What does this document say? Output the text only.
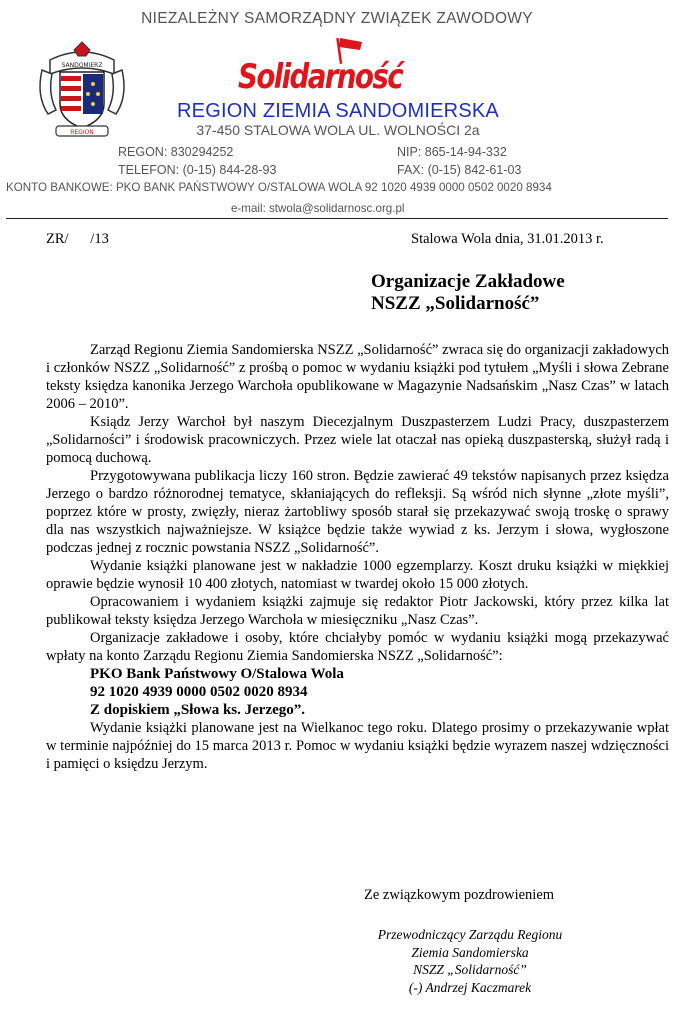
NIEZALEŻNY SAMORZĄDNY ZWIĄZEK ZAWODOWY
REGION
SANDOMIERZ	Solidarność
REGION ZIEMIA SANDOMIERSKA
37-450 STALOWA WOLA UL. WOLNOŚCI 2a
REGON: 830294252	NIP: 865-14-94-332
TELEFON: (0-15) 844-28-93	FAX: (0-15) 842-61-03
KONTO BANKOWE: PKO BANK PAŃSTWOWY O/STALOWA WOLA 92 1020 4939 0000 0502 0020 8934
e-mail: stwola@solidarnosc.org.pl
ZR/      /13	Stalowa Wola dnia, 31.01.2013 r.
Organizacje Zakładowe
NSZZ „Solidarność”

Zarząd Regionu Ziemia Sandomierska NSZZ „Solidarność” zwraca się do organizacji zakładowych i członków NSZZ „Solidarność” z prośbą o pomoc w wydaniu książki pod tytułem „Myśli i słowa Zebrane teksty księdza kanonika Jerzego Warchoła opublikowane w Magazynie Nadsańskim „Nasz Czas” w latach 2006 – 2010”.

Ksiądz Jerzy Warchoł był naszym Diecezjalnym Duszpasterzem Ludzi Pracy, duszpasterzem „Solidarności” i środowisk pracowniczych. Przez wiele lat otaczał nas opieką duszpasterską, służył radą i pomocą duchową.

Przygotowywana publikacja liczy 160 stron. Będzie zawierać 49 tekstów napisanych przez księdza Jerzego o bardzo różnorodnej tematyce, skłaniających do refleksji. Są wśród nich słynne „złote myśli”, poprzez które w prosty, zwięzły, nieraz żartobliwy sposób starał się przekazywać swoją troskę o sprawy dla nas wszystkich najważniejsze. W książce będzie także wywiad z ks. Jerzym i słowa, wygłoszone podczas jednej z rocznic powstania NSZZ „Solidarność”.

Wydanie książki planowane jest w nakładzie 1000 egzemplarzy. Koszt druku książki w miękkiej oprawie będzie wynosił 10 400 złotych, natomiast w twardej około 15 000 złotych.

Opracowaniem i wydaniem książki zajmuje się redaktor Piotr Jackowski, który przez kilka lat publikował teksty księdza Jerzego Warchoła w miesięczniku „Nasz Czas”.

Organizacje zakładowe i osoby, które chciałyby pomóc w wydaniu książki mogą przekazywać wpłaty na konto Zarządu Regionu Ziemia Sandomierska NSZZ „Solidarność”:

PKO Bank Państwowy O/Stalowa Wola

92 1020 4939 0000 0502 0020 8934

Z dopiskiem „Słowa ks. Jerzego”.

Wydanie książki planowane jest na Wielkanoc tego roku. Dlatego prosimy o przekazywanie wpłat w terminie najpóźniej do 15 marca 2013 r. Pomoc w wydaniu książki będzie wyrazem naszej wdzięczności i pamięci o księdzu Jerzym.

Ze związkowym pozdrowieniem
Przewodniczący Zarządu Regionu
Ziemia Sandomierska
NSZZ „Solidarność”
(-) Andrzej Kaczmarek
